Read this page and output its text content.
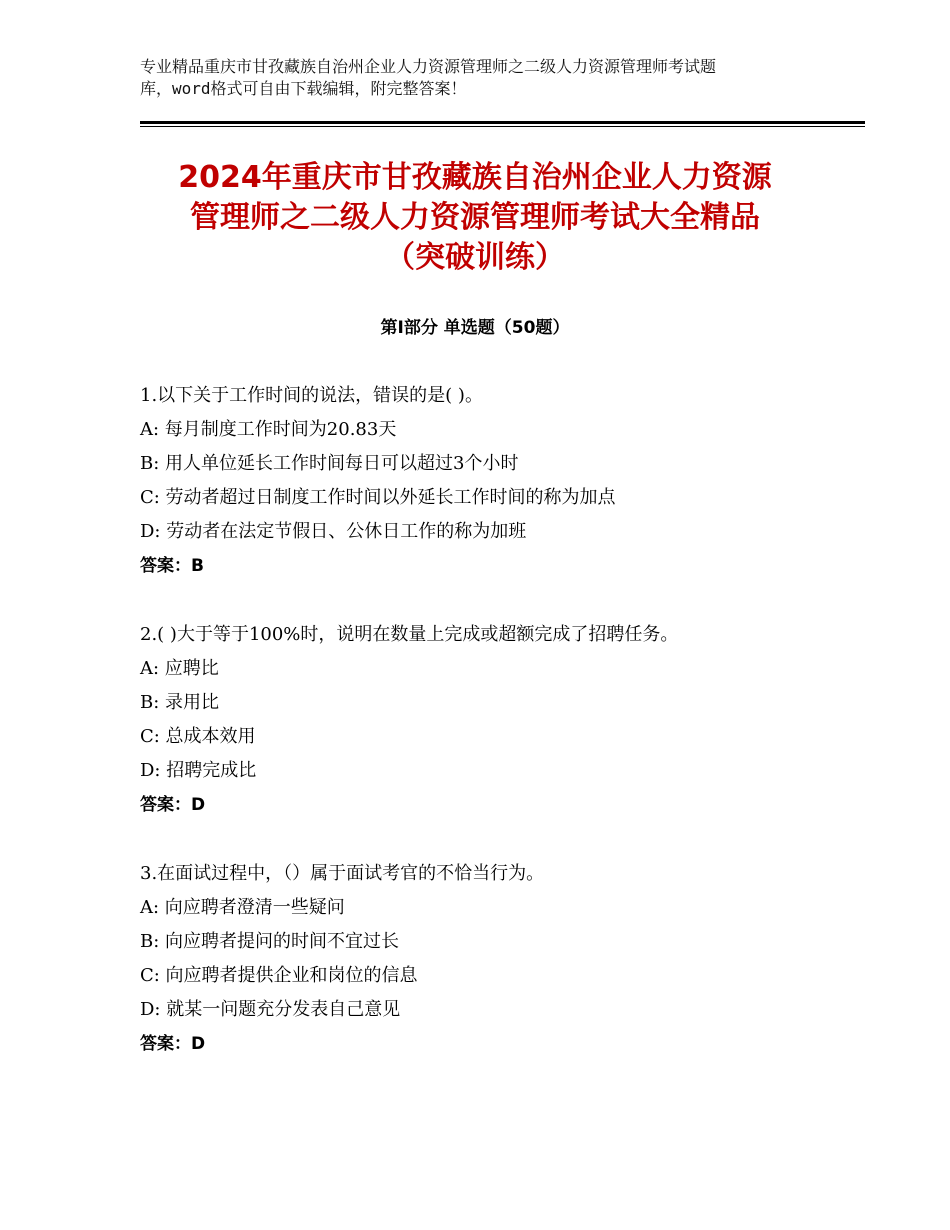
专业精品重庆市甘孜藏族自治州企业人力资源管理师之二级人力资源管理师考试题
库，word格式可自由下载编辑，附完整答案！
2024年重庆市甘孜藏族自治州企业人力资源
管理师之二级人力资源管理师考试大全精品
（突破训练）
第Ⅰ部分 单选题（50题）
1.以下关于工作时间的说法，错误的是( )。
A: 每月制度工作时间为20.83天
B: 用人单位延长工作时间每日可以超过3个小时
C: 劳动者超过日制度工作时间以外延长工作时间的称为加点
D: 劳动者在法定节假日、公休日工作的称为加班
答案：B
2.( )大于等于100%时，说明在数量上完成或超额完成了招聘任务。
A: 应聘比
B: 录用比
C: 总成本效用
D: 招聘完成比
答案：D
3.在面试过程中，（）属于面试考官的不恰当行为。
A: 向应聘者澄清一些疑问
B: 向应聘者提问的时间不宜过长
C: 向应聘者提供企业和岗位的信息
D: 就某一问题充分发表自己意见
答案：D
